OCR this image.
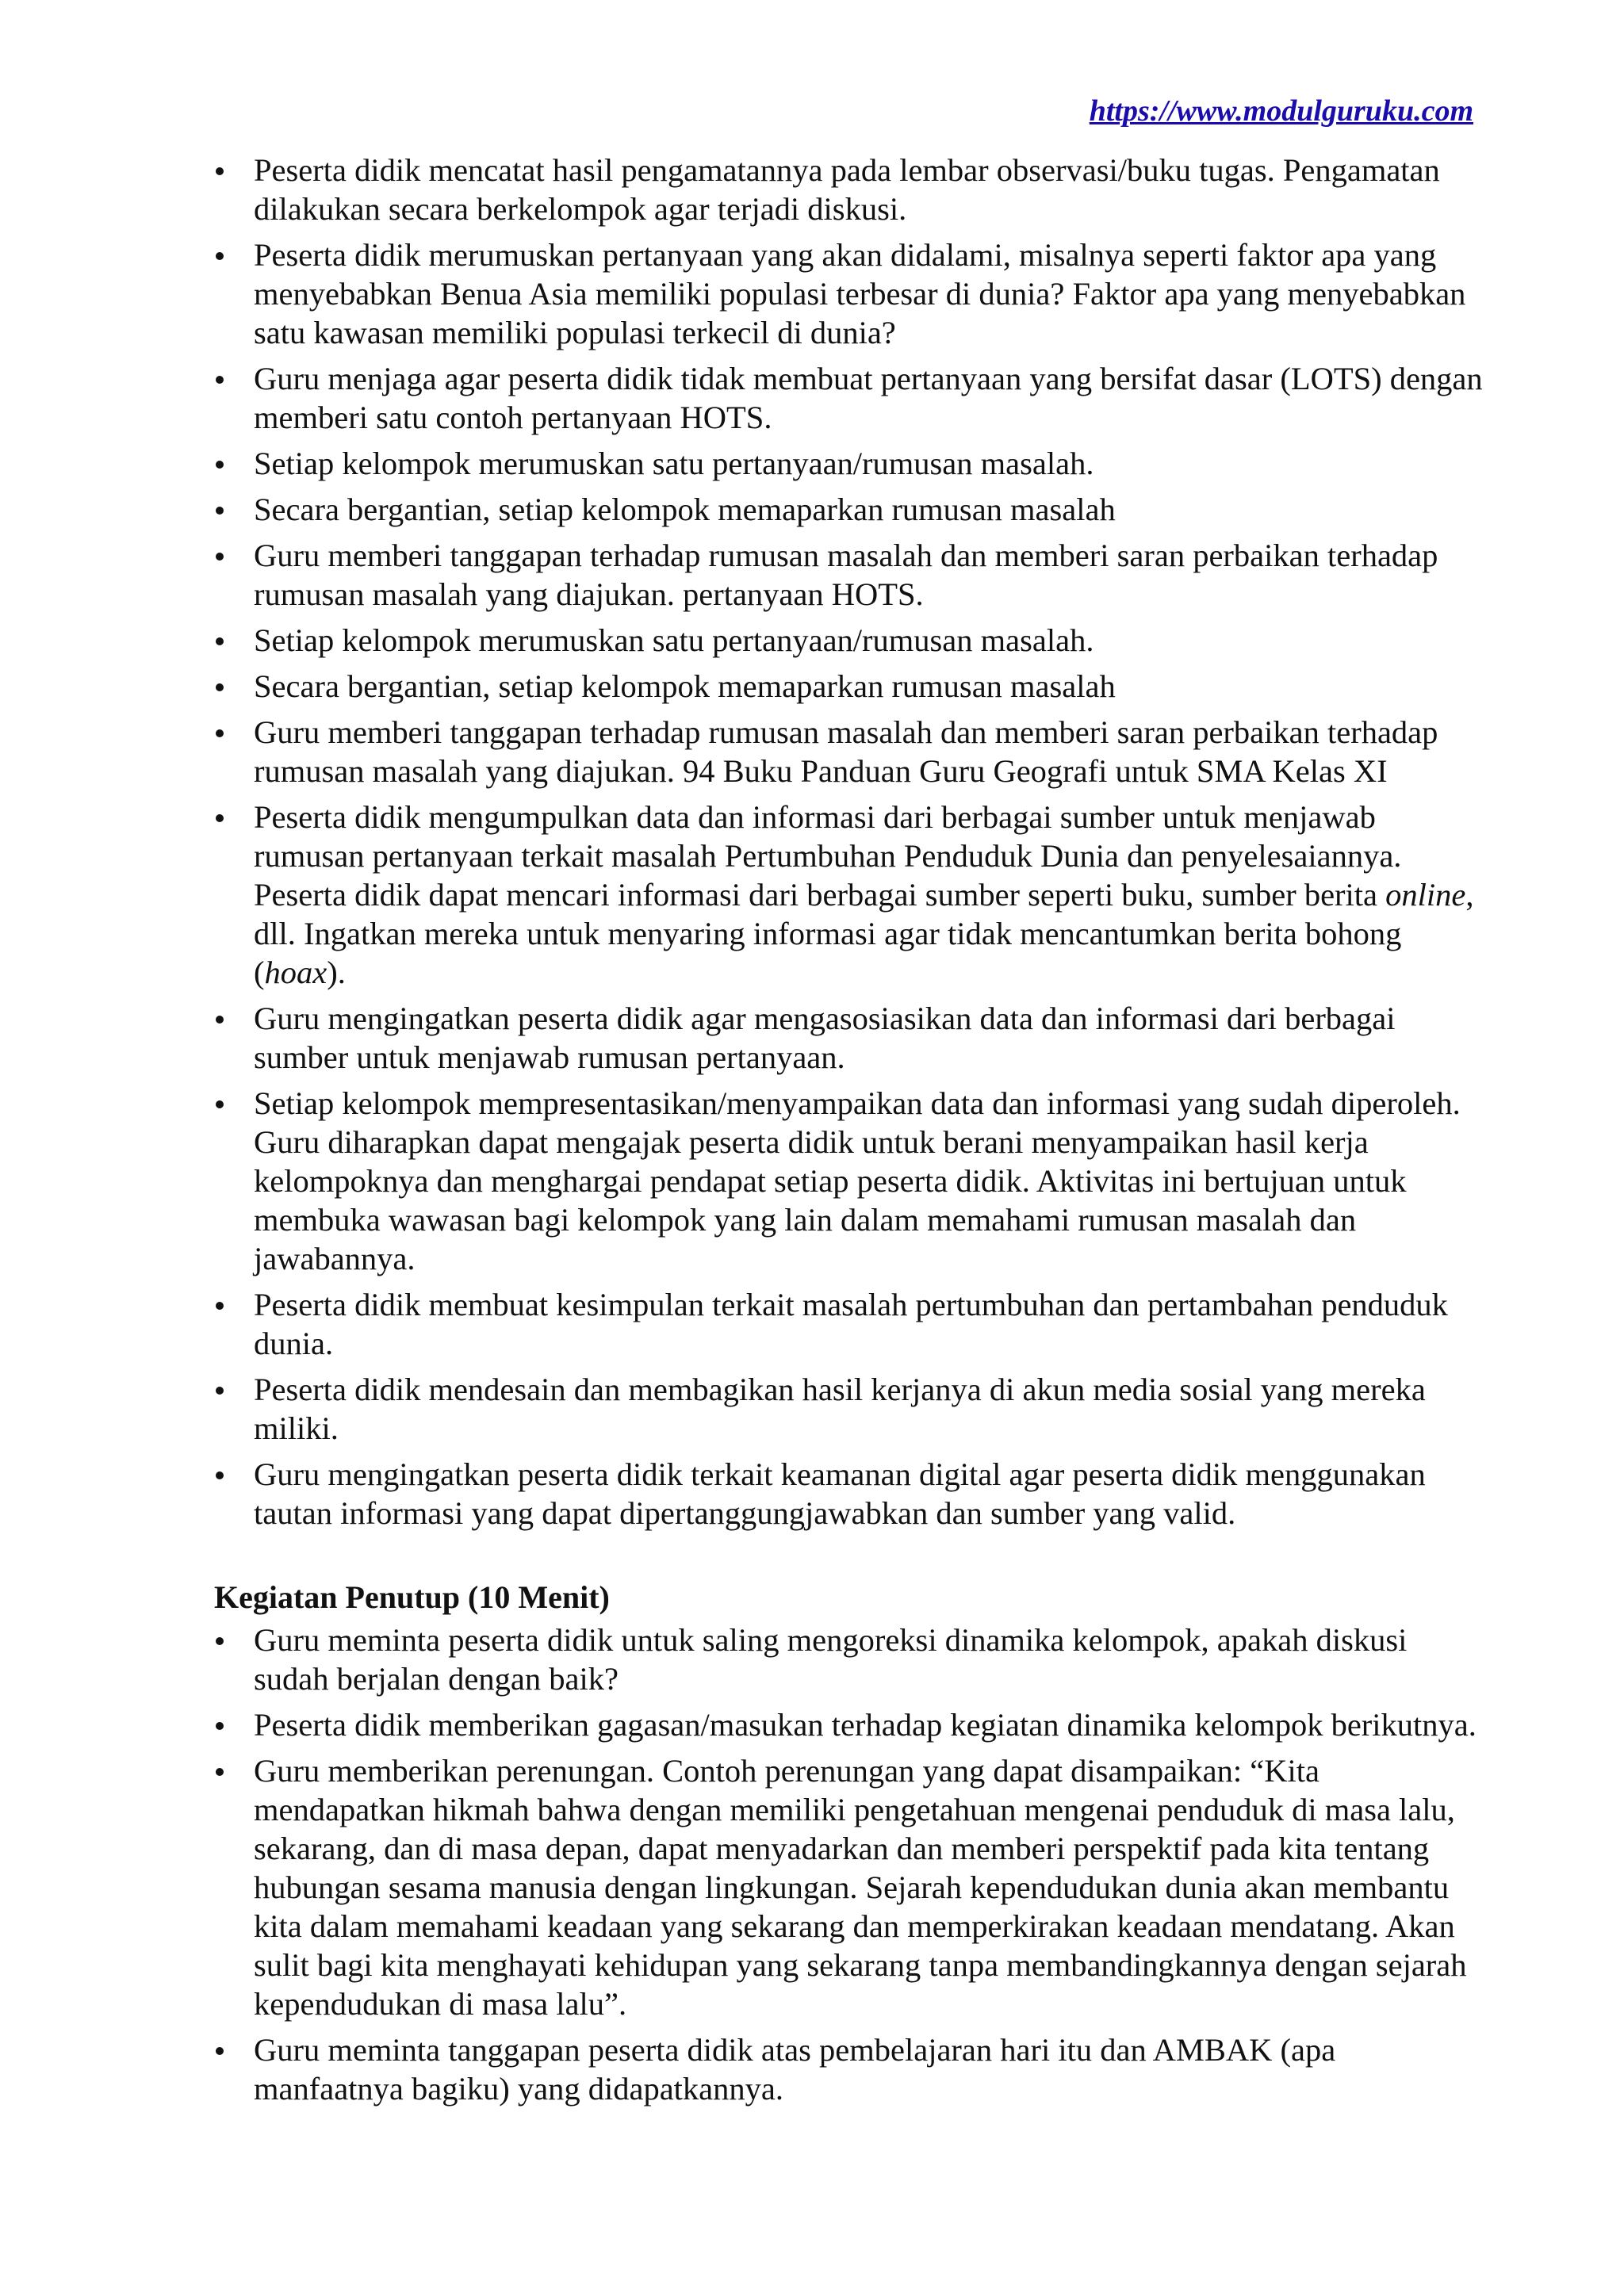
https://www.modulguruku.com
Peserta didik mencatat hasil pengamatannya pada lembar observasi/buku tugas. Pengamatan dilakukan secara berkelompok agar terjadi diskusi.
Peserta didik merumuskan pertanyaan yang akan didalami, misalnya seperti faktor apa yang menyebabkan Benua Asia memiliki populasi terbesar di dunia? Faktor apa yang menyebabkan satu kawasan memiliki populasi terkecil di dunia?
Guru menjaga agar peserta didik tidak membuat pertanyaan yang bersifat dasar (LOTS) dengan memberi satu contoh pertanyaan HOTS.
Setiap kelompok merumuskan satu pertanyaan/rumusan masalah.
Secara bergantian, setiap kelompok memaparkan rumusan masalah
Guru memberi tanggapan terhadap rumusan masalah dan memberi saran perbaikan terhadap rumusan masalah yang diajukan. pertanyaan HOTS.
Setiap kelompok merumuskan satu pertanyaan/rumusan masalah.
Secara bergantian, setiap kelompok memaparkan rumusan masalah
Guru memberi tanggapan terhadap rumusan masalah dan memberi saran perbaikan terhadap rumusan masalah yang diajukan. 94 Buku Panduan Guru Geografi untuk SMA Kelas XI
Peserta didik mengumpulkan data dan informasi dari berbagai sumber untuk menjawab rumusan pertanyaan terkait masalah Pertumbuhan Penduduk Dunia dan penyelesaiannya. Peserta didik dapat mencari informasi dari berbagai sumber seperti buku, sumber berita online, dll. Ingatkan mereka untuk menyaring informasi agar tidak mencantumkan berita bohong (hoax).
Guru mengingatkan peserta didik agar mengasosiasikan data dan informasi dari berbagai sumber untuk menjawab rumusan pertanyaan.
Setiap kelompok mempresentasikan/menyampaikan data dan informasi yang sudah diperoleh. Guru diharapkan dapat mengajak peserta didik untuk berani menyampaikan hasil kerja kelompoknya dan menghargai pendapat setiap peserta didik. Aktivitas ini bertujuan untuk membuka wawasan bagi kelompok yang lain dalam memahami rumusan masalah dan jawabannya.
Peserta didik membuat kesimpulan terkait masalah pertumbuhan dan pertambahan penduduk dunia.
Peserta didik mendesain dan membagikan hasil kerjanya di akun media sosial yang mereka miliki.
Guru mengingatkan peserta didik terkait keamanan digital agar peserta didik menggunakan tautan informasi yang dapat dipertanggungjawabkan dan sumber yang valid.
Kegiatan Penutup (10 Menit)
Guru meminta peserta didik untuk saling mengoreksi dinamika kelompok, apakah diskusi sudah berjalan dengan baik?
Peserta didik memberikan gagasan/masukan terhadap kegiatan dinamika kelompok berikutnya.
Guru memberikan perenungan. Contoh perenungan yang dapat disampaikan: “Kita mendapatkan hikmah bahwa dengan memiliki pengetahuan mengenai penduduk di masa lalu, sekarang, dan di masa depan, dapat menyadarkan dan memberi perspektif pada kita tentang hubungan sesama manusia dengan lingkungan. Sejarah kependudukan dunia akan membantu kita dalam memahami keadaan yang sekarang dan memperkirakan keadaan mendatang. Akan sulit bagi kita menghayati kehidupan yang sekarang tanpa membandingkannya dengan sejarah kependudukan di masa lalu”.
Guru meminta tanggapan peserta didik atas pembelajaran hari itu dan AMBAK (apa manfaatnya bagiku) yang didapatkannya.
